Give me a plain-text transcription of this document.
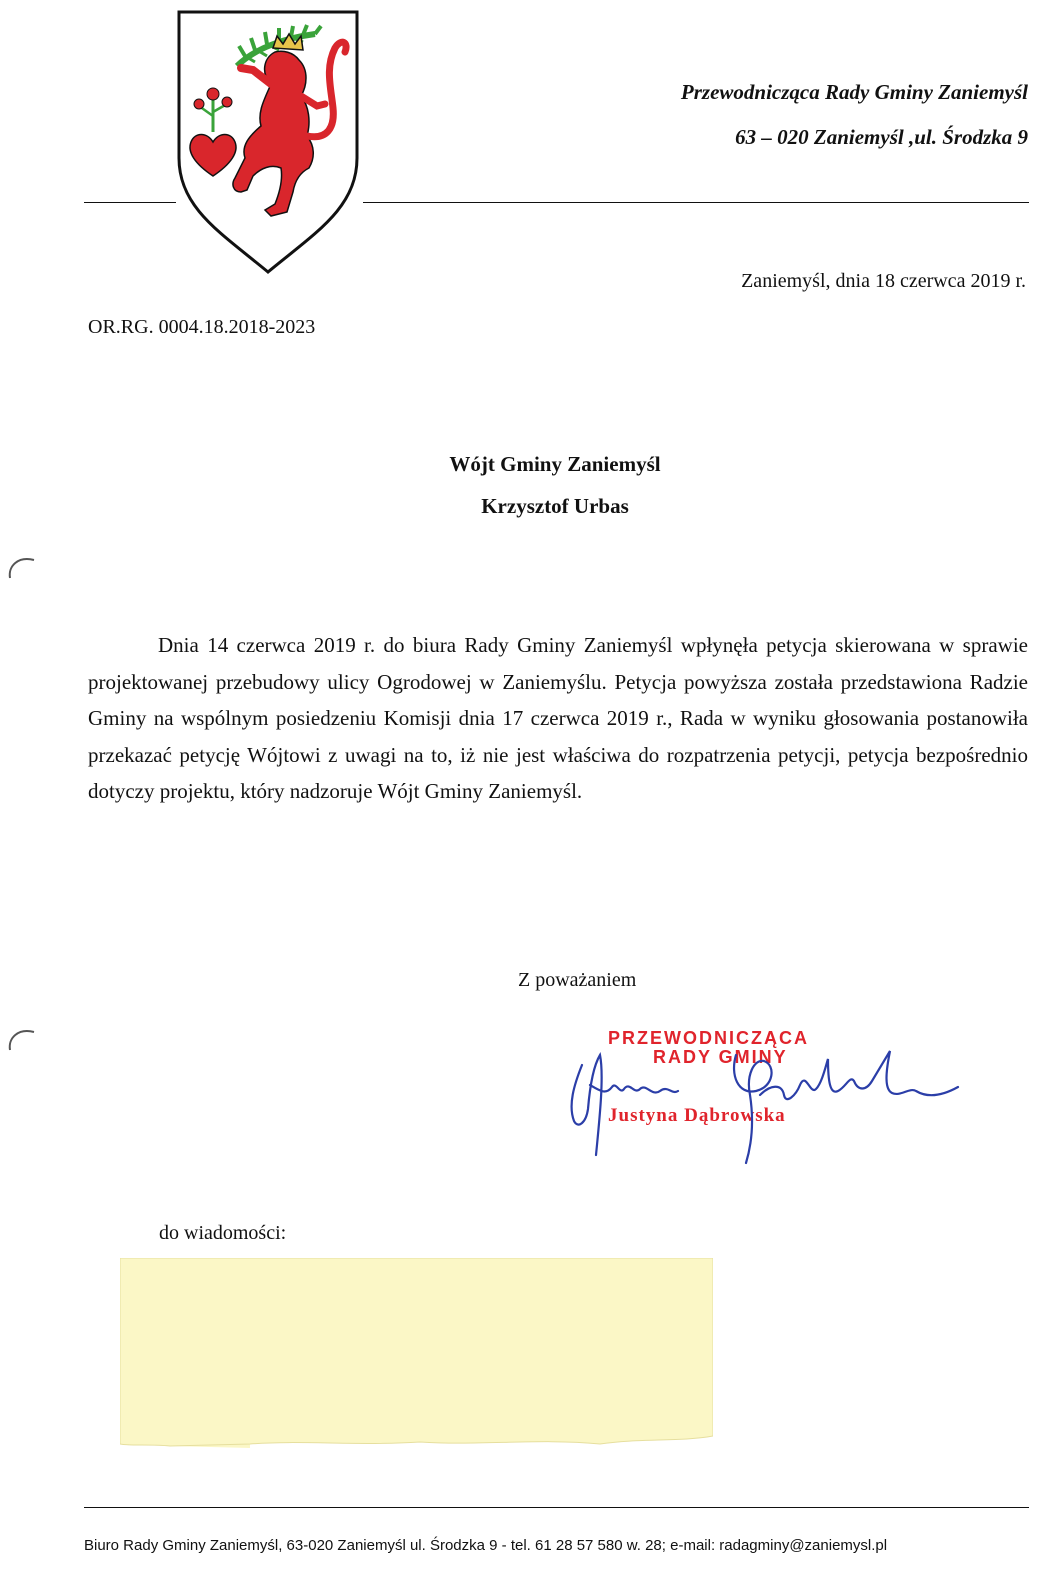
Przewodnicząca Rady Gminy Zaniemyśl
63 – 020 Zaniemyśl ,ul. Środzka 9
Zaniemyśl, dnia 18 czerwca 2019 r.
OR.RG. 0004.18.2018-2023
Wójt Gminy Zaniemyśl
Krzysztof Urbas

Dnia 14 czerwca 2019 r. do biura Rady Gminy Zaniemyśl wpłynęła petycja skierowana w sprawie projektowanej przebudowy ulicy Ogrodowej w Zaniemyślu. Petycja powyższa została przedstawiona Radzie Gminy na wspólnym posiedzeniu Komisji dnia 17 czerwca 2019 r., Rada w wyniku głosowania postanowiła przekazać petycję Wójtowi z uwagi na to, iż nie jest właściwa do rozpatrzenia petycji, petycja bezpośrednio dotyczy projektu, który nadzoruje Wójt Gminy Zaniemyśl.

Z poważaniem
PRZEWODNICZĄCA
RADY GMINY
Justyna Dąbrowska
do wiadomości:
Biuro Rady Gminy Zaniemyśl, 63-020 Zaniemyśl ul. Środzka 9 - tel. 61 28 57 580 w. 28; e-mail: radagminy@zaniemysl.pl
